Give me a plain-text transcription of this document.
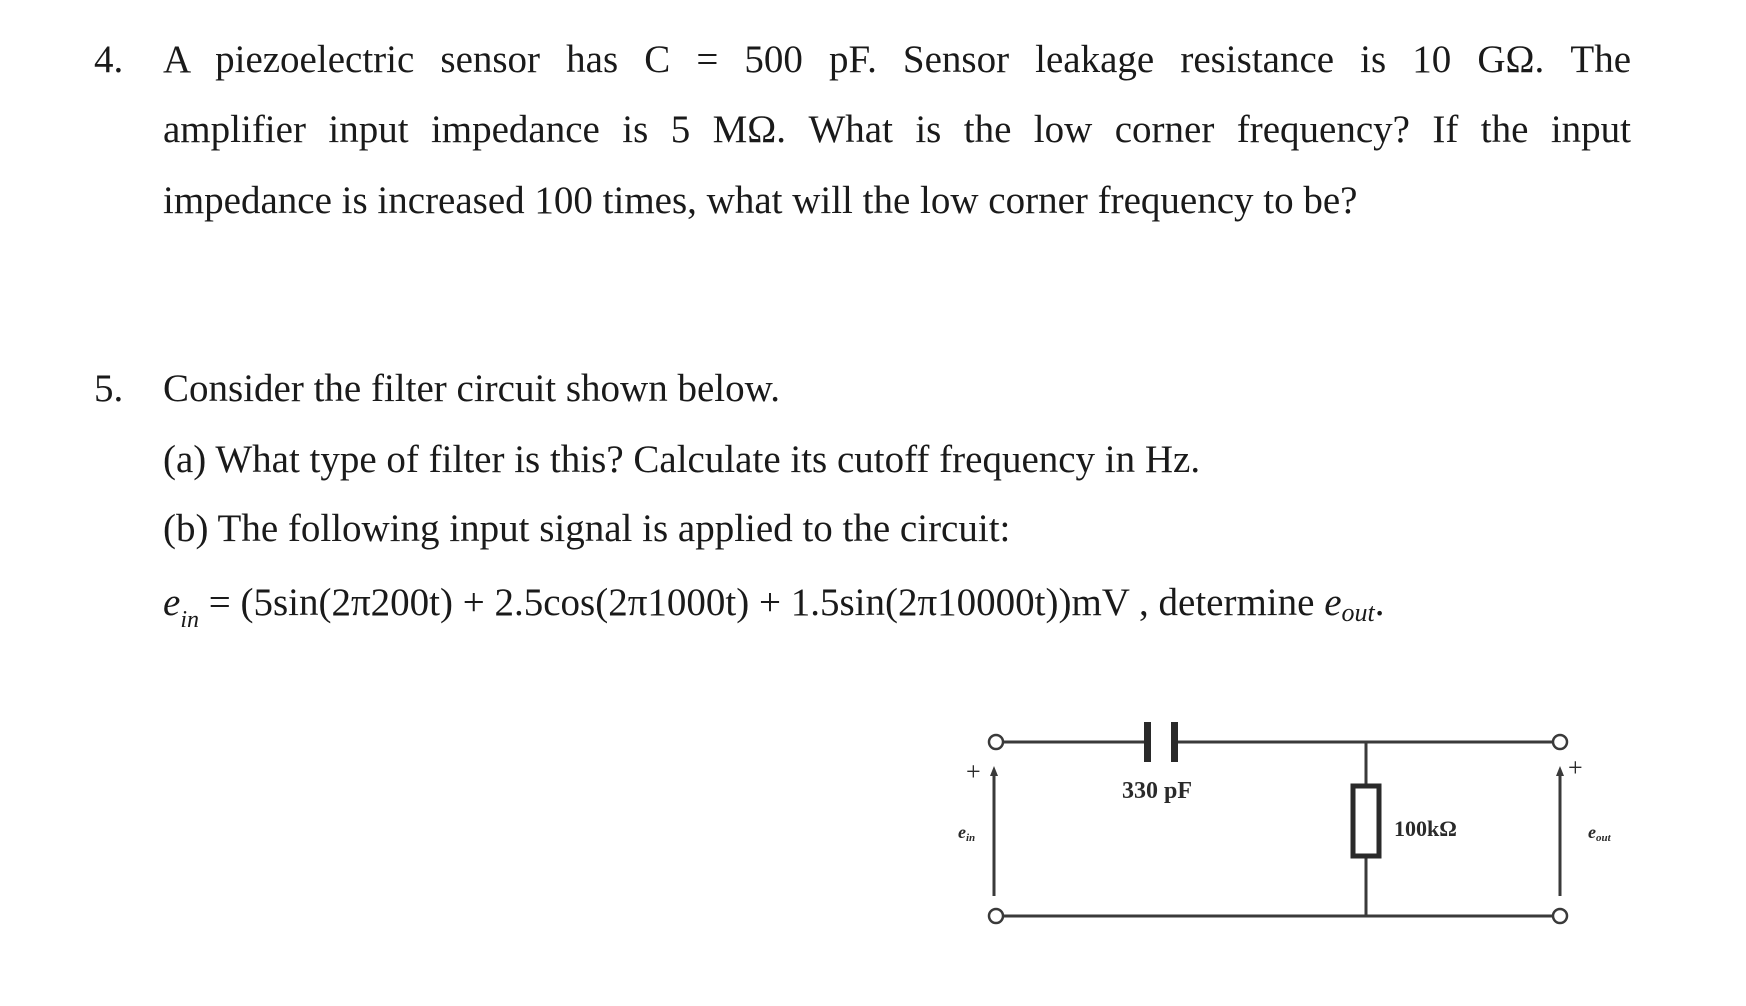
4. A piezoelectric sensor has C = 500 pF. Sensor leakage resistance is 10 GΩ. The
amplifier input impedance is 5 MΩ. What is the low corner frequency? If the input
impedance is increased 100 times, what will the low corner frequency to be?
5. Consider the filter circuit shown below.
(a) What type of filter is this? Calculate its cutoff frequency in Hz.
(b) The following input signal is applied to the circuit:
$e_{in} = (5\sin(2\pi 200t) + 2.5\cos(2\pi 1000t) + 1.5\sin(2\pi 10000t))mV$ , determine eout.
+	+
330 pF
100kΩ
ein	eout
